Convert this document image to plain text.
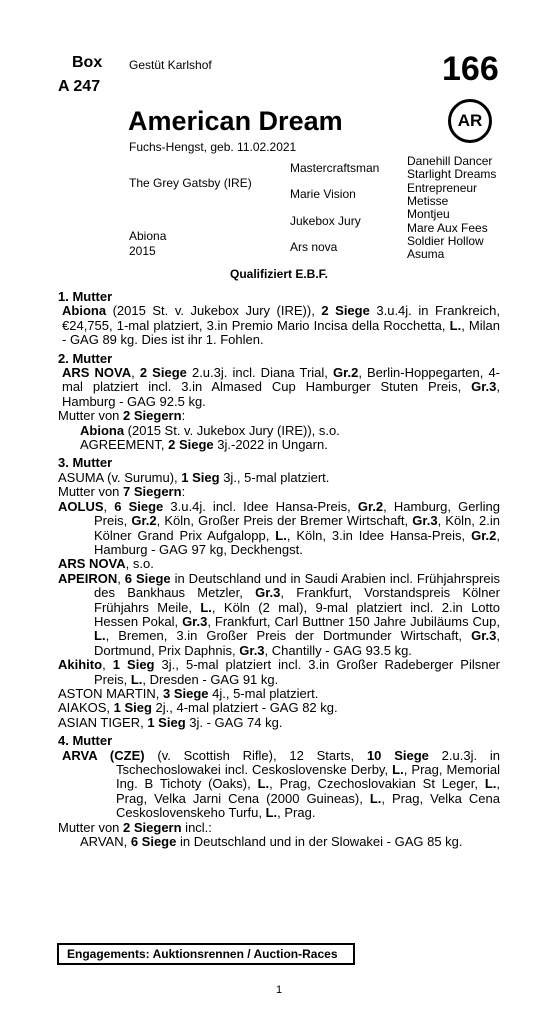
Box
A 247
Gestüt Karlshof	166
AR
American Dream
Fuchs-Hengst, geb. 11.02.2021
The Grey Gatsby (IRE)
Abiona
2015
Mastercraftsman
Marie Vision
Jukebox Jury
Ars nova
Danehill Dancer
Starlight Dreams
Entrepreneur
Metisse
Montjeu
Mare Aux Fees
Soldier Hollow
Asuma
Qualifiziert E.B.F.
1. Mutter

Abiona (2015 St. v. Jukebox Jury (IRE)), 2 Siege 3.u.4j. in Frankreich, €24,755, 1-mal platziert, 3.in Premio Mario Incisa della Rocchetta, L., Milan - GAG 89 kg. Dies ist ihr 1. Fohlen.

2. Mutter

ARS NOVA, 2 Siege 2.u.3j. incl. Diana Trial, Gr.2, Berlin-Hoppegarten, 4-mal platziert incl. 3.in Almased Cup Hamburger Stuten Preis, Gr.3, Hamburg - GAG 92.5 kg.

Mutter von 2 Siegern:

Abiona (2015 St. v. Jukebox Jury (IRE)), s.o.

AGREEMENT, 2 Siege 3j.-2022 in Ungarn.

3. Mutter

ASUMA (v. Surumu), 1 Sieg 3j., 5-mal platziert.

Mutter von 7 Siegern:

AOLUS, 6 Siege 3.u.4j. incl. Idee Hansa-Preis, Gr.2, Hamburg, Gerling Preis, Gr.2, Köln, Großer Preis der Bremer Wirtschaft, Gr.3, Köln, 2.in Kölner Grand Prix Aufgalopp, L., Köln, 3.in Idee Hansa-Preis, Gr.2, Hamburg - GAG 97 kg, Deckhengst.

ARS NOVA, s.o.

APEIRON, 6 Siege in Deutschland und in Saudi Arabien incl. Frühjahrspreis des Bankhaus Metzler, Gr.3, Frankfurt, Vorstandspreis Kölner Frühjahrs Meile, L., Köln (2 mal), 9-mal platziert incl. 2.in Lotto Hessen Pokal, Gr.3, Frankfurt, Carl Buttner 150 Jahre Jubiläums Cup, L., Bremen, 3.in Großer Preis der Dortmunder Wirtschaft, Gr.3, Dortmund, Prix Daphnis, Gr.3, Chantilly - GAG 93.5 kg.

Akihito, 1 Sieg 3j., 5-mal platziert incl. 3.in Großer Radeberger Pilsner Preis, L., Dresden - GAG 91 kg.

ASTON MARTIN, 3 Siege 4j., 5-mal platziert.

AIAKOS, 1 Sieg 2j., 4-mal platziert - GAG 82 kg.

ASIAN TIGER, 1 Sieg 3j. - GAG 74 kg.

4. Mutter

ARVA (CZE) (v. Scottish Rifle), 12 Starts, 10 Siege 2.u.3j. in Tschechoslowakei incl. Ceskoslovenske Derby, L., Prag, Memorial Ing. B Tichoty (Oaks), L., Prag, Czechoslovakian St Leger, L., Prag, Velka Jarni Cena (2000 Guineas), L., Prag, Velka Cena Ceskoslovenskeho Turfu, L., Prag.

Mutter von 2 Siegern incl.:

ARVAN, 6 Siege in Deutschland und in der Slowakei - GAG 85 kg.

Engagements: Auktionsrennen / Auction-Races
1
